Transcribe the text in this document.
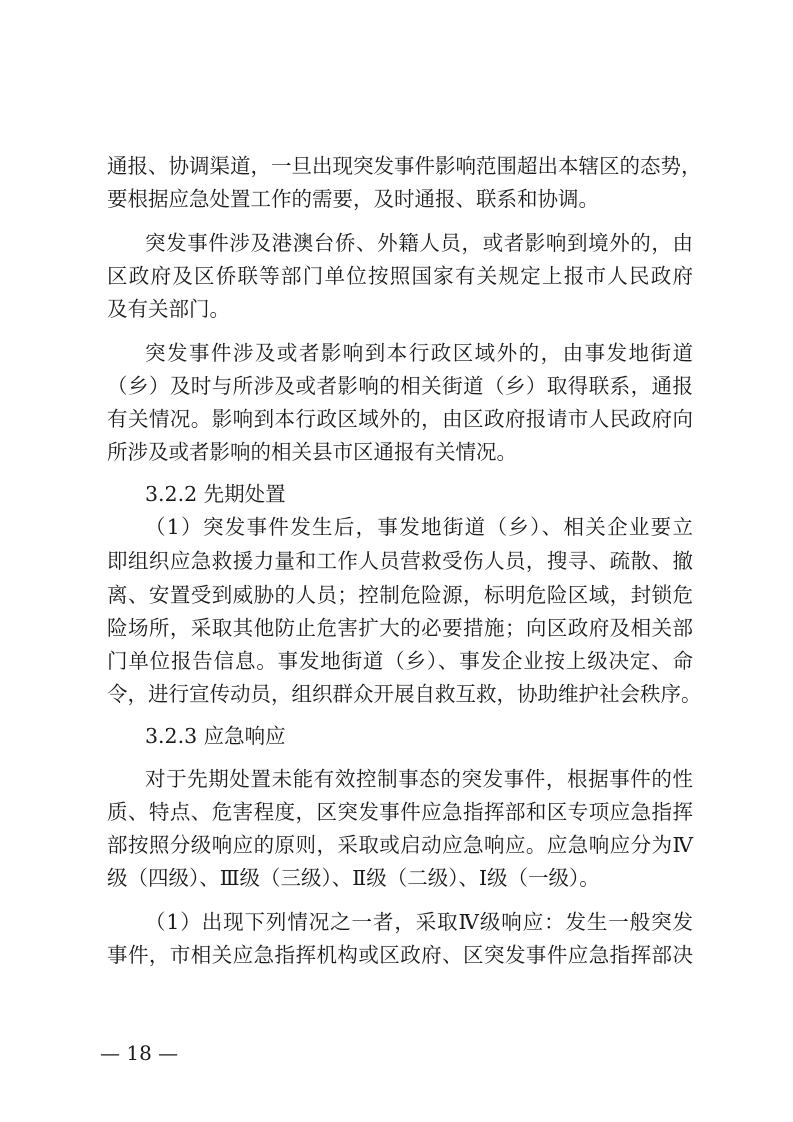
通报、协调渠道，一旦出现突发事件影响范围超出本辖区的态势，
要根据应急处置工作的需要，及时通报、联系和协调。
突发事件涉及港澳台侨、外籍人员，或者影响到境外的，由
区政府及区侨联等部门单位按照国家有关规定上报市人民政府
及有关部门。
突发事件涉及或者影响到本行政区域外的，由事发地街道
（乡）及时与所涉及或者影响的相关街道（乡）取得联系，通报
有关情况。影响到本行政区域外的，由区政府报请市人民政府向
所涉及或者影响的相关县市区通报有关情况。
3.2.2 先期处置
（1）突发事件发生后，事发地街道（乡）、相关企业要立
即组织应急救援力量和工作人员营救受伤人员，搜寻、疏散、撤
离、安置受到威胁的人员；控制危险源，标明危险区域，封锁危
险场所，采取其他防止危害扩大的必要措施；向区政府及相关部
门单位报告信息。事发地街道（乡）、事发企业按上级决定、命
令，进行宣传动员，组织群众开展自救互救，协助维护社会秩序。
3.2.3 应急响应
对于先期处置未能有效控制事态的突发事件，根据事件的性
质、特点、危害程度，区突发事件应急指挥部和区专项应急指挥
部按照分级响应的原则，采取或启动应急响应。应急响应分为Ⅳ
级（四级）、Ⅲ级（三级）、Ⅱ级（二级）、Ⅰ级（一级）。
（1）出现下列情况之一者，采取Ⅳ级响应：发生一般突发
事件，市相关应急指挥机构或区政府、区突发事件应急指挥部决
— 18 —
